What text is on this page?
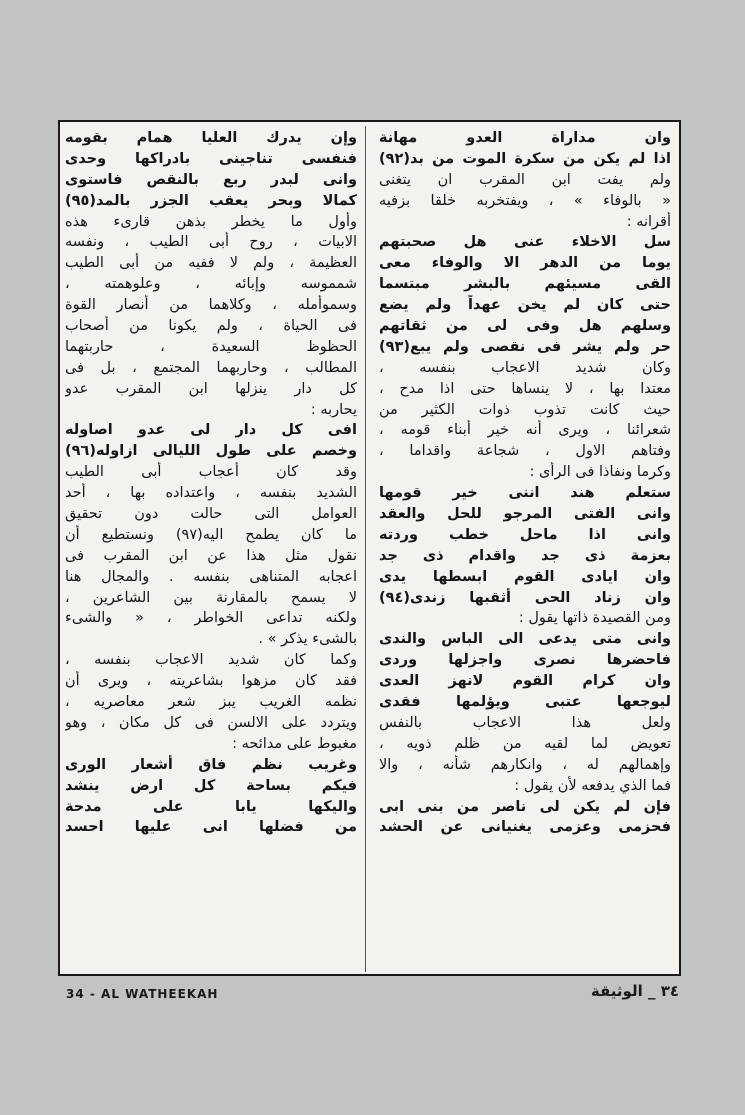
وان مداراة العدو مهانة
اذا لم يكن من سكرة الموت من بد(٩٢)
ولم يفت ابن المقرب ان يتغنى
« بالوفاء » ، ويفتخربه خلقا بزفيه
أقرانه :
سل الاخلاء عنى هل صحبتهم
يوما من الدهر الا والوفاء معى
القى مسيئهم بالبشر مبتسما
حتى كان لم يخن عهداً ولم يضع
وسلهم هل وفى لى من ثقاتهم
حر ولم يشر فى نقصى ولم يبع(٩٣)
وكان شديد الاعجاب بنفسه ،
معتدا بها ، لا ينساها حتى اذا مدح ،
حيث كانت تذوب ذوات الكثير من
شعرائنا ، ويرى أنه خير أبناء قومه ،
وفتاهم الاول ، شجاعة واقداما ،
وكرما ونفاذا فى الرأى :
ستعلم هند اننى خير قومها
وانى الفتى المرجو للحل والعقد
وانى اذا ماحل خطب وردته
بعزمة ذى جد واقدام ذى جد
وان ايادى القوم ابسطها يدى
وان زناد الحى أثقبها زندى(٩٤)
ومن القصيدة ذاتها يقول :
وانى متى يدعى الى الباس والندى
فاحضرها نصرى واجزلها وردى
وان كرام القوم لانهز العدى
ليوجعها عتبى ويؤلمها فقدى
ولعل هذا الاعجاب بالنفس
تعويض لما لقيه من ظلم ذويه ،
وإهمالهم له ، وانكارهم شأنه ، والا
فما الذي يدفعه لأن يقول :
فإن لم يكن لى ناصر من بنى ابى
فحزمى وعزمى يغنيانى عن الحشد
وإن يدرك العليا همام بقومه
فنفسى تناجينى بادراكها وحدى
وانى لبدر ربع بالنقص فاستوى
كمالا وبحر يعقب الجزر بالمد(٩٥)
وأول ما يخطر بذهن قارىء هذه
الابيات ، روح أبى الطيب ، ونفسه
العظيمة ، ولم لا ففيه من أبى الطيب
شمموسه وإبائه ، وعلوهمته ،
وسموأمله ، وكلاهما من أنصار القوة
فى الحياة ، ولم يكونا من أصحاب
الحظوظ السعيدة ، حاربتهما
المطالب ، وحاربهما المجتمع ، بل فى
كل دار ينزلها ابن المقرب عدو
يحاربه :
افى كل دار لى عدو اصاوله
وخصم على طول الليالى ازاوله(٩٦)
وقد كان أعجاب أبى الطيب
الشديد بنفسه ، واعتداده بها ، أحد
العوامل التى حالت دون تحقيق
ما كان يطمح اليه(٩٧) ونستطيع أن
نقول مثل هذا عن ابن المقرب فى
اعجابه المتناهى بنفسه . والمجال هنا
لا يسمح بالمقارنة بين الشاعرين ،
ولكنه تداعى الخواطر ، « والشىء
بالشىء يذكر » .
وكما كان شديد الاعجاب بنفسه ،
فقد كان مزهوا بشاعريته ، ويرى أن
نظمه الغريب يبز شعر معاصريه ،
ويتردد على الالسن فى كل مكان ، وهو
مغبوط على مدائحه :
وغريب نظم فاق أشعار الورى
فيكم بساحة كل ارض ينشد
واليكها يابا على مدحة
من فضلها انى عليها احسد
34 - AL WATHEEKAH	٣٤ _ الوثيقة
